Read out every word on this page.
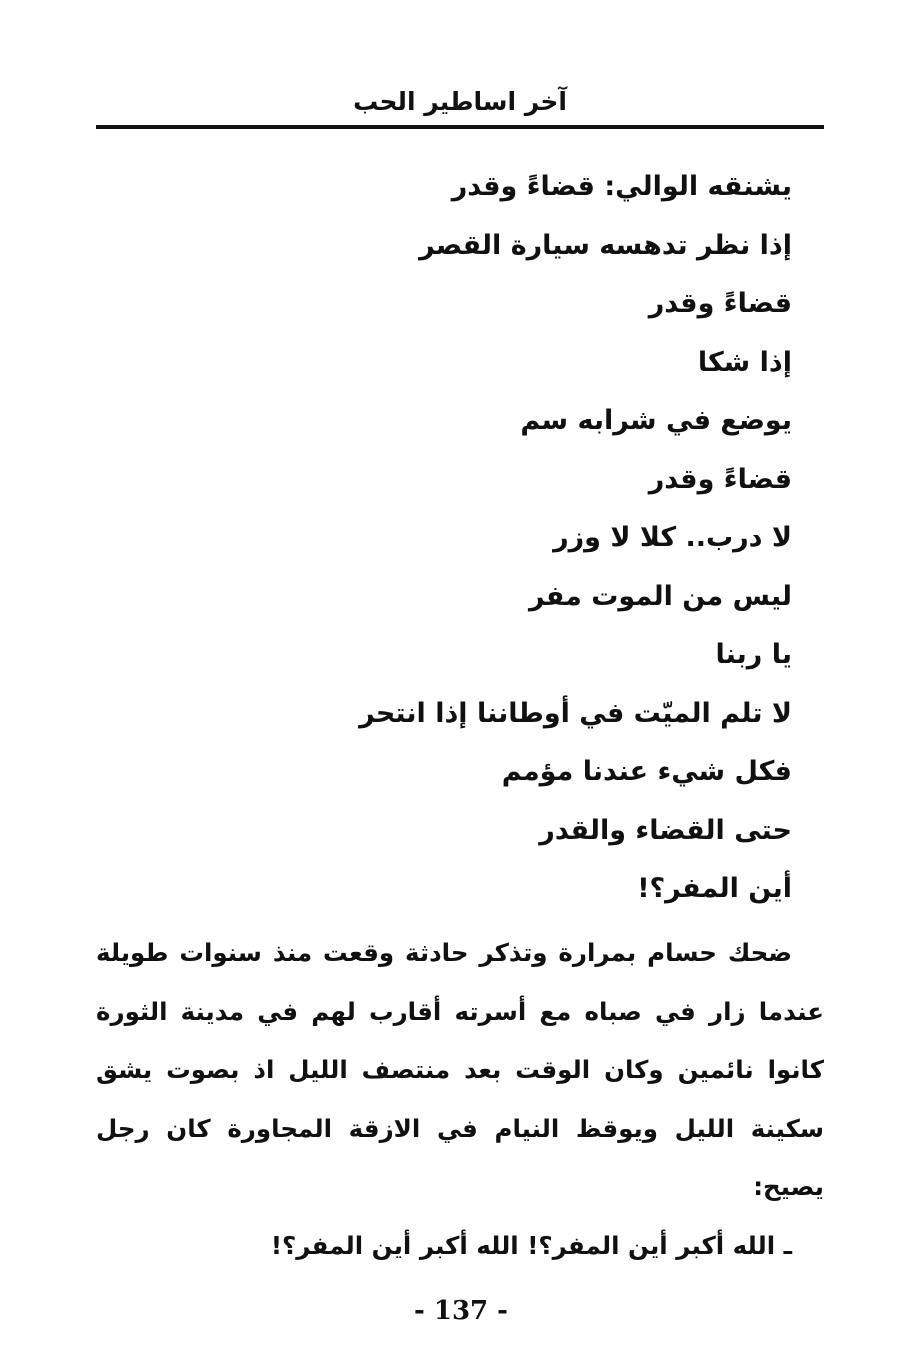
آخر اساطير الحب
يشنقه الوالي: قضاءً وقدر
إذا نظر تدهسه سيارة القصر
قضاءً وقدر
إذا شكا
يوضع في شرابه سم
قضاءً وقدر
لا درب.. كلا لا وزر
ليس من الموت مفر
يا ربنا
لا تلم الميّت في أوطاننا إذا انتحر
فكل شيء عندنا مؤمم
حتى القضاء والقدر
أين المفر؟!

ضحك حسام بمرارة وتذكر حادثة وقعت منذ سنوات طويلة عندما زار في صباه مع أسرته أقارب لهم في مدينة الثورة كانوا نائمين وكان الوقت بعد منتصف الليل اذ بصوت يشق سكينة الليل ويوقظ النيام في الازقة المجاورة كان رجل يصيح:

ـ الله أكبر أين المفر؟! الله أكبر أين المفر؟!

- 137 -
